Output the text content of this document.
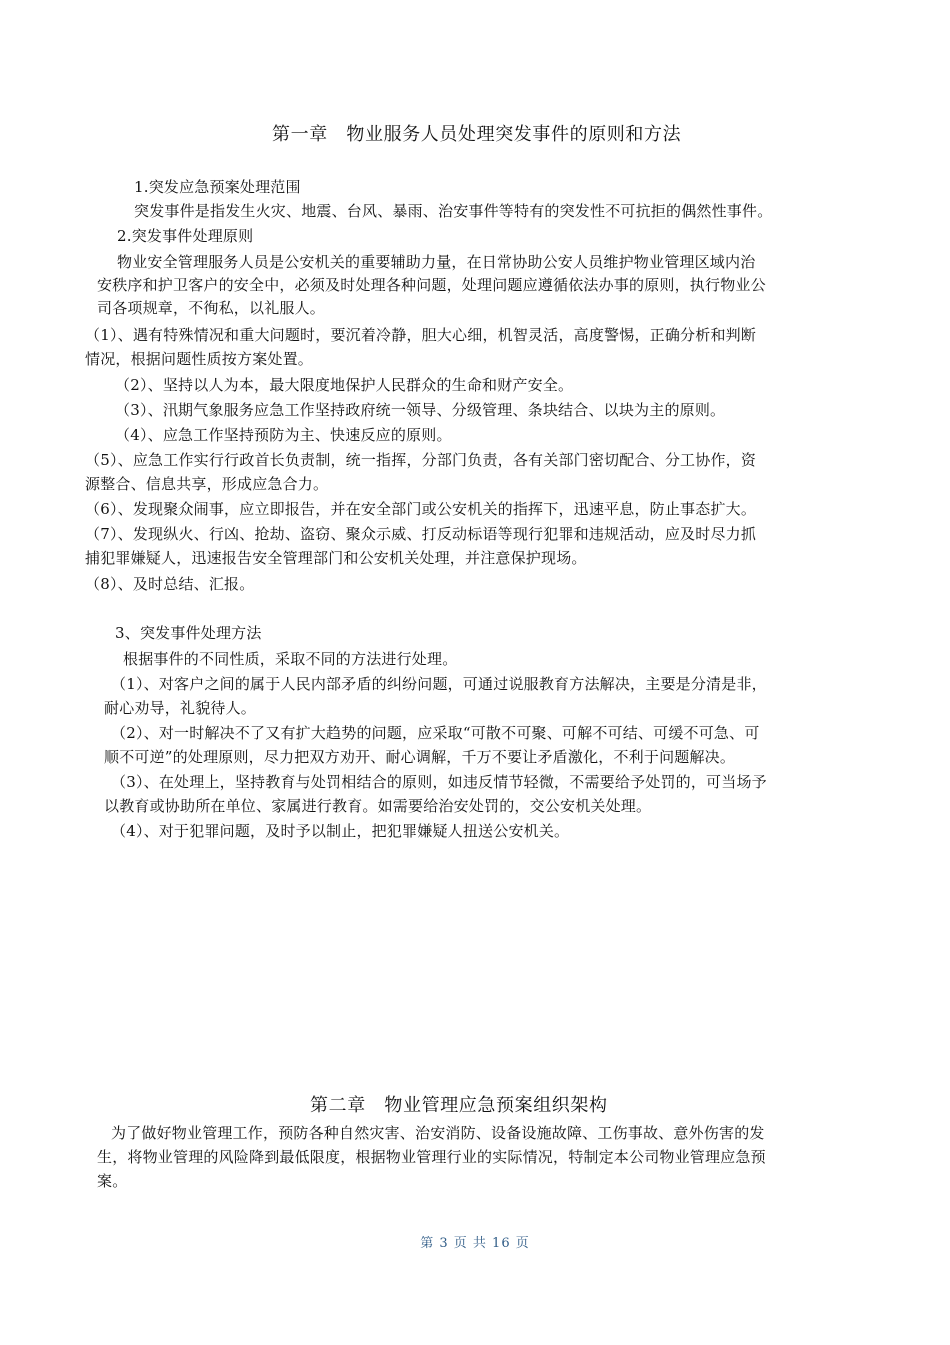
第一章　物业服务人员处理突发事件的原则和方法
1.突发应急预案处理范围
突发事件是指发生火灾、地震、台风、暴雨、治安事件等特有的突发性不可抗拒的偶然性事件。
2.突发事件处理原则
物业安全管理服务人员是公安机关的重要辅助力量，在日常协助公安人员维护物业管理区域内治
安秩序和护卫客户的安全中，必须及时处理各种问题，处理问题应遵循依法办事的原则，执行物业公
司各项规章，不徇私，以礼服人。
（1）、遇有特殊情况和重大问题时，要沉着冷静，胆大心细，机智灵活，高度警惕，正确分析和判断
情况，根据问题性质按方案处置。
（2）、坚持以人为本，最大限度地保护人民群众的生命和财产安全。
（3）、汛期气象服务应急工作坚持政府统一领导、分级管理、条块结合、以块为主的原则。
（4）、应急工作坚持预防为主、快速反应的原则。
（5）、应急工作实行行政首长负责制，统一指挥，分部门负责，各有关部门密切配合、分工协作，资
源整合、信息共享，形成应急合力。
（6）、发现聚众闹事，应立即报告，并在安全部门或公安机关的指挥下，迅速平息，防止事态扩大。
（7）、发现纵火、行凶、抢劫、盗窃、聚众示威、打反动标语等现行犯罪和违规活动，应及时尽力抓
捕犯罪嫌疑人，迅速报告安全管理部门和公安机关处理，并注意保护现场。
（8）、及时总结、汇报。
3、突发事件处理方法
根据事件的不同性质，采取不同的方法进行处理。
（1）、对客户之间的属于人民内部矛盾的纠纷问题，可通过说服教育方法解决，主要是分清是非，
耐心劝导，礼貌待人。
（2）、对一时解决不了又有扩大趋势的问题，应采取“可散不可聚、可解不可结、可缓不可急、可
顺不可逆”的处理原则，尽力把双方劝开、耐心调解，千万不要让矛盾激化，不利于问题解决。
（3）、在处理上，坚持教育与处罚相结合的原则，如违反情节轻微，不需要给予处罚的，可当场予
以教育或协助所在单位、家属进行教育。如需要给治安处罚的，交公安机关处理。
（4）、对于犯罪问题，及时予以制止，把犯罪嫌疑人扭送公安机关。
第二章　物业管理应急预案组织架构
为了做好物业管理工作，预防各种自然灾害、治安消防、设备设施故障、工伤事故、意外伤害的发
生，将物业管理的风险降到最低限度，根据物业管理行业的实际情况，特制定本公司物业管理应急预
案。
第 3 页 共 16 页
